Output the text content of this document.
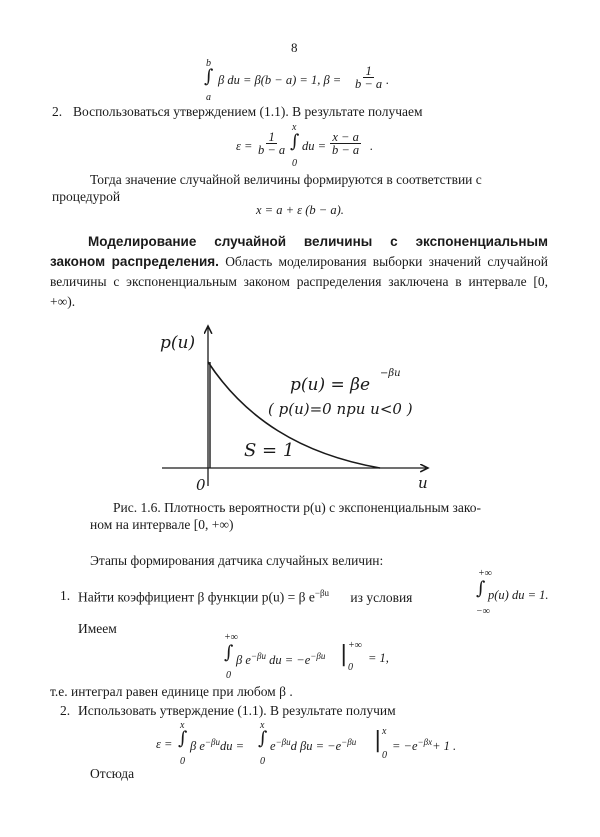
8
b
∫
a
β du = β(b − a) = 1, $\beta = \frac{1}{b - a}$ .
2. Воспользоваться утверждением (1.1). В результате получаем
$\varepsilon = \frac{1}{b - a}$
x
∫
0
du = $\frac{x - a}{b - a}$ .
Тогда значение случайной величины формируются в соответствии с
процедурой
x = a + ε (b − a).
Моделирование случайной величины с экспоненциальным законом распределения. Область моделирования выборки значений случайной величины с экспоненциальным законом распределения заключена в интервале [0, +∞).
p(u)
u
0
p(u) = βe
−βu
( p(u)=0 при u<0 )
S = 1
Рис. 1.6. Плотность вероятности p(u) с экспоненциальным зако-
ном на интервале [0, +∞)
Этапы формирования датчика случайных величин:
1. Найти коэффициент β функции p(u) = β $e^{-\beta u}$ из условия
+∞
∫
−∞
p(u) du = 1.
Имеем
+∞
∫
0
β $e^{-\beta u}$ du = $-e^{-\beta u}$ | +∞
0
= 1,
т.е. интеграл равен единице при любом β .
2. Использовать утверждение (1.1). В результате получим
ε =
x
∫
0
β $e^{-\beta u}du$ =
x
∫
0
$e^{-\beta u}d$ $\beta u = -e^{-\beta u}$ | x
0
= $-e^{-\beta x}+ 1$ .
Отсюда
